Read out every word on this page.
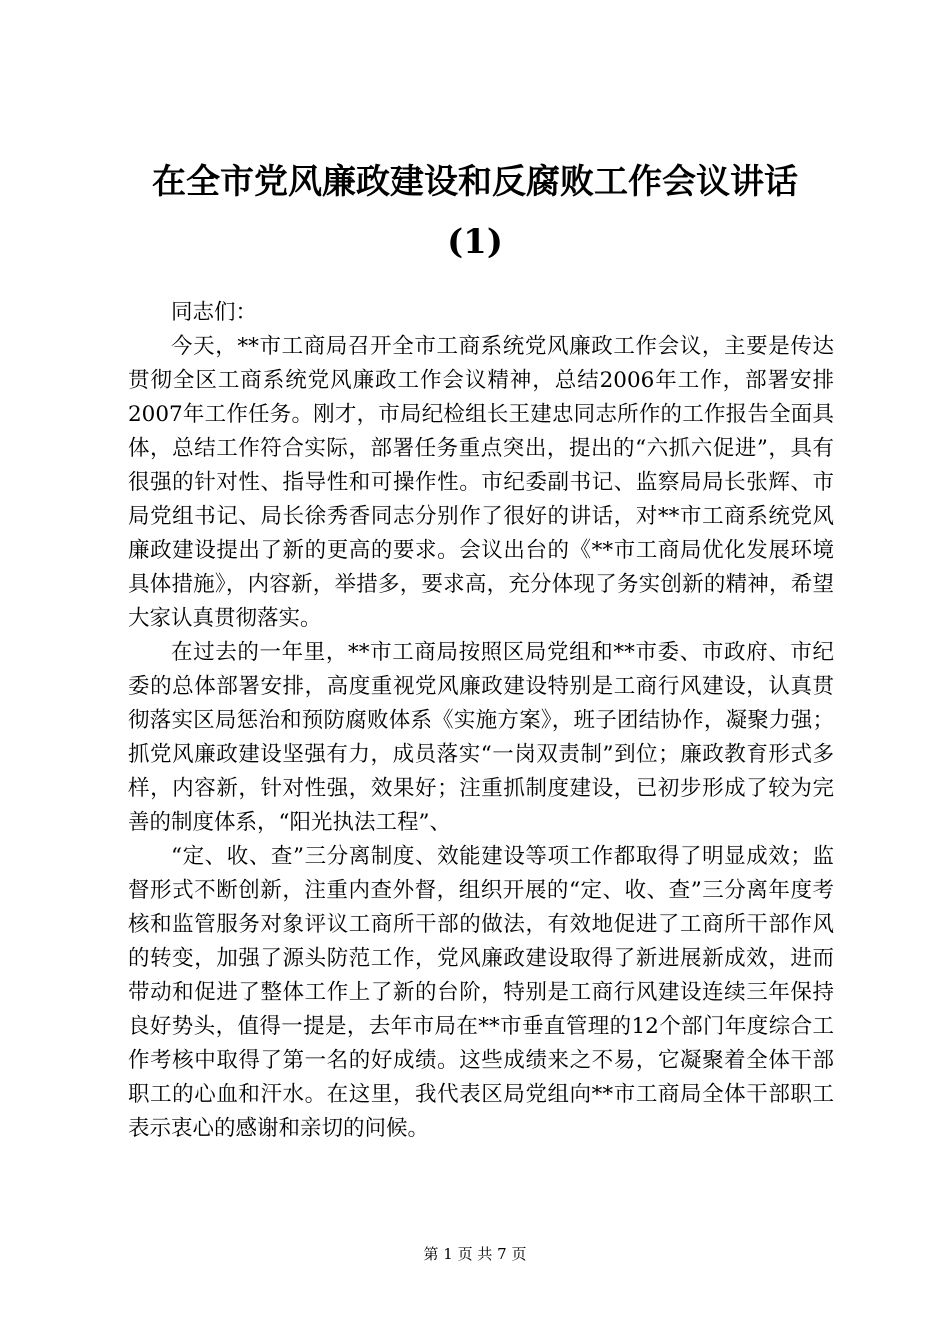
在全市党风廉政建设和反腐败工作会议讲话
(1)

同志们：

今天，**市工商局召开全市工商系统党风廉政工作会议，主要是传达贯彻全区工商系统党风廉政工作会议精神，总结2006年工作，部署安排2007年工作任务。刚才，市局纪检组长王建忠同志所作的工作报告全面具体，总结工作符合实际，部署任务重点突出，提出的“六抓六促进”，具有很强的针对性、指导性和可操作性。市纪委副书记、监察局局长张辉、市局党组书记、局长徐秀香同志分别作了很好的讲话，对**市工商系统党风廉政建设提出了新的更高的要求。会议出台的《**市工商局优化发展环境具体措施》，内容新，举措多，要求高，充分体现了务实创新的精神，希望大家认真贯彻落实。

在过去的一年里，**市工商局按照区局党组和**市委、市政府、市纪委的总体部署安排，高度重视党风廉政建设特别是工商行风建设，认真贯彻落实区局惩治和预防腐败体系《实施方案》，班子团结协作，凝聚力强；抓党风廉政建设坚强有力，成员落实“一岗双责制”到位；廉政教育形式多样，内容新，针对性强，效果好；注重抓制度建设，已初步形成了较为完善的制度体系，“阳光执法工程”、

“定、收、查”三分离制度、效能建设等项工作都取得了明显成效；监督形式不断创新，注重内查外督，组织开展的“定、收、查”三分离年度考核和监管服务对象评议工商所干部的做法，有效地促进了工商所干部作风的转变，加强了源头防范工作，党风廉政建设取得了新进展新成效，进而带动和促进了整体工作上了新的台阶，特别是工商行风建设连续三年保持良好势头，值得一提是，去年市局在**市垂直管理的12个部门年度综合工作考核中取得了第一名的好成绩。这些成绩来之不易，它凝聚着全体干部职工的心血和汗水。在这里，我代表区局党组向**市工商局全体干部职工表示衷心的感谢和亲切的问候。

第 1 页 共 7 页
